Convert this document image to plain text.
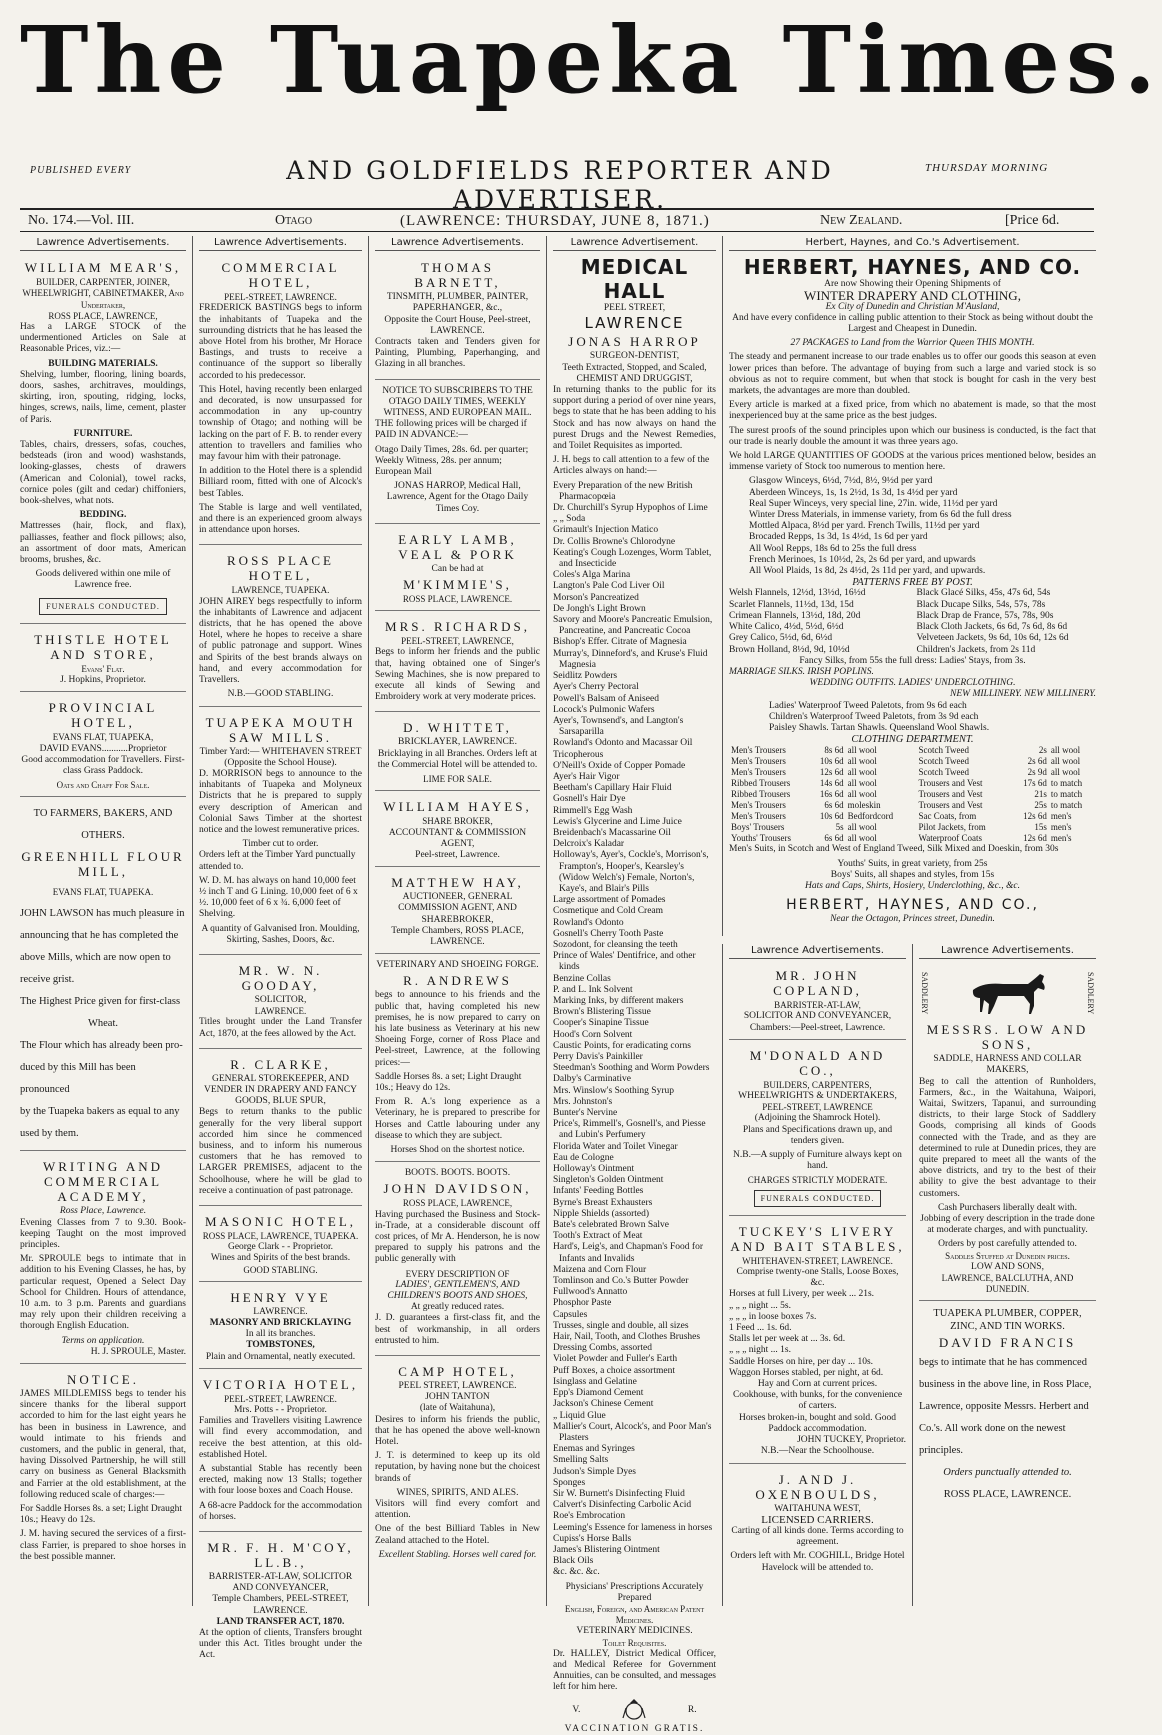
The Tuapeka Times.
PUBLISHED EVERY	AND GOLDFIELDS REPORTER AND ADVERTISER.
THURSDAY MORNING
No. 174.—Vol. III.	Otago	(LAWRENCE: THURSDAY, JUNE 8, 1871.)	New Zealand.	[Price 6d.
Lawrence Advertisements.
WILLIAM MEAR'S,
BUILDER, CARPENTER, JOINER, WHEELWRIGHT, CABINETMAKER, And Undertaker,
ROSS PLACE, LAWRENCE,

Has a LARGE STOCK of the undermentioned Articles on Sale at Reasonable Prices, viz.:—

BUILDING MATERIALS.

Shelving, lumber, flooring, lining boards, doors, sashes, architraves, mouldings, skirting, iron, spouting, ridging, locks, hinges, screws, nails, lime, cement, plaster of Paris.

FURNITURE.

Tables, chairs, dressers, sofas, couches, bedsteads (iron and wood) washstands, looking-glasses, chests of drawers (American and Colonial), towel racks, cornice poles (gilt and cedar) chiffoniers, book-shelves, what nots.

BEDDING.

Mattresses (hair, flock, and flax), palliasses, feather and flock pillows; also, an assortment of door mats, American brooms, brushes, &c.

Goods delivered within one mile of Lawrence free.

FUNERALS CONDUCTED.
THISTLE HOTEL AND STORE,
Evans' Flat.
J. Hopkins, Proprietor.
PROVINCIAL HOTEL,
EVANS FLAT, TUAPEKA,
DAVID EVANS...........Proprietor

Good accommodation for Travellers. First-class Grass Paddock.

Oats and Chaff For Sale.
TO FARMERS, BAKERS, AND OTHERS.
GREENHILL FLOUR MILL,
EVANS FLAT, TUAPEKA.
JOHN LAWSON has much pleasure in
announcing that he has completed the
above Mills, which are now open to
receive grist.
The Highest Price given for first-class
Wheat.
The Flour which has already been pro-
duced by this Mill has been pronounced
by the Tuapeka bakers as equal to any
used by them.
WRITING AND COMMERCIAL ACADEMY,
Ross Place, Lawrence.

Evening Classes from 7 to 9.30. Book-keeping Taught on the most improved principles.

Mr. SPROULE begs to intimate that in addition to his Evening Classes, he has, by particular request, Opened a Select Day School for Children. Hours of attendance, 10 a.m. to 3 p.m. Parents and guardians may rely upon their children receiving a thorough English Education.

Terms on application.
H. J. SPROULE, Master.
NOTICE.

JAMES MILDLEMISS begs to tender his sincere thanks for the liberal support accorded to him for the last eight years he has been in business in Lawrence, and would intimate to his friends and customers, and the public in general, that, having Dissolved Partnership, he will still carry on business as General Blacksmith and Farrier at the old establishment, at the following reduced scale of charges:—

For Saddle Horses 8s. a set; Light Draught 10s.; Heavy do 12s.

J. M. having secured the services of a first-class Farrier, is prepared to shoe horses in the best possible manner.

Lawrence Advertisements.
COMMERCIAL HOTEL,
PEEL-STREET, LAWRENCE.

FREDERICK BASTINGS begs to inform the inhabitants of Tuapeka and the surrounding districts that he has leased the above Hotel from his brother, Mr Horace Bastings, and trusts to receive a continuance of the support so liberally accorded to his predecessor.

This Hotel, having recently been enlarged and decorated, is now unsurpassed for accommodation in any up-country township of Otago; and nothing will be lacking on the part of F. B. to render every attention to travellers and families who may favour him with their patronage.

In addition to the Hotel there is a splendid Billiard room, fitted with one of Alcock's best Tables.

The Stable is large and well ventilated, and there is an experienced groom always in attendance upon horses.

ROSS PLACE HOTEL,
LAWRENCE, TUAPEKA.

JOHN AIREY begs respectfully to inform the inhabitants of Lawrence and adjacent districts, that he has opened the above Hotel, where he hopes to receive a share of public patronage and support. Wines and Spirits of the best brands always on hand, and every accommodation for Travellers.

N.B.—GOOD STABLING.
TUAPEKA MOUTH SAW MILLS.
Timber Yard:— WHITEHAVEN STREET
(Opposite the School House).

D. MORRISON begs to announce to the inhabitants of Tuapeka and Molyneux Districts that he is prepared to supply every description of American and Colonial Saws Timber at the shortest notice and the lowest remunerative prices.

Timber cut to order.

Orders left at the Timber Yard punctually attended to.

W. D. M. has always on hand 10,000 feet ½ inch T and G Lining. 10,000 feet of 6 x ½. 10,000 feet of 6 x ¾. 6,000 feet of Shelving.

A quantity of Galvanised Iron. Moulding, Skirting, Sashes, Doors, &c.

MR. W. N. GOODAY,
SOLICITOR,
LAWRENCE.

Titles brought under the Land Transfer Act, 1870, at the fees allowed by the Act.

R. CLARKE,
GENERAL STOREKEEPER, AND VENDER IN DRAPERY AND FANCY GOODS, BLUE SPUR,

Begs to return thanks to the public generally for the very liberal support accorded him since he commenced business, and to inform his numerous customers that he has removed to LARGER PREMISES, adjacent to the Schoolhouse, where he will be glad to receive a continuation of past patronage.

MASONIC HOTEL,
ROSS PLACE, LAWRENCE, TUAPEKA.
George Clark - - Proprietor.
Wines and Spirits of the best brands.
GOOD STABLING.
HENRY VYE
LAWRENCE.
MASONRY AND BRICKLAYING
In all its branches.
TOMBSTONES,
Plain and Ornamental, neatly executed.
VICTORIA HOTEL,
PEEL-STREET, LAWRENCE.
Mrs. Potts - - Proprietor.

Families and Travellers visiting Lawrence will find every accommodation, and receive the best attention, at this old-established Hotel.

A substantial Stable has recently been erected, making now 13 Stalls; together with four loose boxes and Coach House.

A 68-acre Paddock for the accommodation of horses.

MR. F. H. M'COY, LL.B.,
BARRISTER-AT-LAW, SOLICITOR AND CONVEYANCER,
Temple Chambers, PEEL-STREET, LAWRENCE.
LAND TRANSFER ACT, 1870.

At the option of clients, Transfers brought under this Act. Titles brought under the Act.

Lawrence Advertisements.
THOMAS BARNETT,
TINSMITH, PLUMBER, PAINTER, PAPERHANGER, &c.,
Opposite the Court House, Peel-street, LAWRENCE.

Contracts taken and Tenders given for Painting, Plumbing, Paperhanging, and Glazing in all branches.

NOTICE TO SUBSCRIBERS TO THE OTAGO DAILY TIMES, WEEKLY WITNESS, AND EUROPEAN MAIL.

THE following prices will be charged if PAID IN ADVANCE:—

Otago Daily Times, 28s. 6d. per quarter; Weekly Witness, 28s. per annum; European Mail

JONAS HARROP, Medical Hall, Lawrence, Agent for the Otago Daily Times Coy.

EARLY LAMB, VEAL & PORK
Can be had at
M'KIMMIE'S,
ROSS PLACE, LAWRENCE.
MRS. RICHARDS,
PEEL-STREET, LAWRENCE,

Begs to inform her friends and the public that, having obtained one of Singer's Sewing Machines, she is now prepared to execute all kinds of Sewing and Embroidery work at very moderate prices.

D. WHITTET,
BRICKLAYER, LAWRENCE.

Bricklaying in all Branches. Orders left at the Commercial Hotel will be attended to.

LIME FOR SALE.
WILLIAM HAYES,
SHARE BROKER,
ACCOUNTANT & COMMISSION AGENT,
Peel-street, Lawrence.
MATTHEW HAY,
AUCTIONEER, GENERAL COMMISSION AGENT, AND SHAREBROKER,
Temple Chambers, ROSS PLACE, LAWRENCE.
VETERINARY AND SHOEING FORGE.
R. ANDREWS

begs to announce to his friends and the public that, having completed his new premises, he is now prepared to carry on his late business as Veterinary at his new Shoeing Forge, corner of Ross Place and Peel-street, Lawrence, at the following prices:—

Saddle Horses 8s. a set; Light Draught 10s.; Heavy do 12s.

From R. A.'s long experience as a Veterinary, he is prepared to prescribe for Horses and Cattle labouring under any disease to which they are subject.

Horses Shod on the shortest notice.
BOOTS. BOOTS. BOOTS.
JOHN DAVIDSON,
ROSS PLACE, LAWRENCE,

Having purchased the Business and Stock-in-Trade, at a considerable discount off cost prices, of Mr A. Henderson, he is now prepared to supply his patrons and the public generally with

EVERY DESCRIPTION OF
LADIES', GENTLEMEN'S, AND CHILDREN'S BOOTS AND SHOES,
At greatly reduced rates.

J. D. guarantees a first-class fit, and the best of workmanship, in all orders entrusted to him.

CAMP HOTEL,
PEEL STREET, LAWRENCE.
JOHN TANTON
(late of Waitahuna),

Desires to inform his friends the public, that he has opened the above well-known Hotel.

J. T. is determined to keep up its old reputation, by having none but the choicest brands of

WINES, SPIRITS, AND ALES.

Visitors will find every comfort and attention.

One of the best Billiard Tables in New Zealand attached to the Hotel.

Excellent Stabling. Horses well cared for.
Lawrence Advertisement.
MEDICAL HALL
PEEL STREET,
LAWRENCE
JONAS HARROP
SURGEON-DENTIST,
Teeth Extracted, Stopped, and Scaled,
CHEMIST AND DRUGGIST,

In returning thanks to the public for its support during a period of over nine years, begs to state that he has been adding to his Stock and has now always on hand the purest Drugs and the Newest Remedies, and Toilet Requisites as imported.

J. H. begs to call attention to a few of the Articles always on hand:—

Every Preparation of the new British Pharmacopœia

Dr. Churchill's Syrup Hypophos of Lime

„ „ Soda

Grimault's Injection Matico

Dr. Collis Browne's Chlorodyne

Keating's Cough Lozenges, Worm Tablet, and Insecticide

Coles's Alga Marina

Langton's Pale Cod Liver Oil

Morson's Pancreatized

De Jongh's Light Brown

Savory and Moore's Pancreatic Emulsion, Pancreatine, and Pancreatic Cocoa

Bishop's Effer. Citrate of Magnesia

Murray's, Dinneford's, and Kruse's Fluid Magnesia

Seidlitz Powders

Ayer's Cherry Pectoral

Powell's Balsam of Aniseed

Locock's Pulmonic Wafers

Ayer's, Townsend's, and Langton's Sarsaparilla

Rowland's Odonto and Macassar Oil

Tricopherous

O'Neill's Oxide of Copper Pomade

Ayer's Hair Vigor

Beetham's Capillary Hair Fluid

Gosnell's Hair Dye

Rimmell's Egg Wash

Lewis's Glycerine and Lime Juice

Breidenbach's Macassarine Oil

Delcroix's Kaladar

Holloway's, Ayer's, Cockle's, Morrison's, Frampton's, Hooper's, Kearsley's (Widow Welch's) Female, Norton's, Kaye's, and Blair's Pills

Large assortment of Pomades

Cosmetique and Cold Cream

Rowland's Odonto

Gosnell's Cherry Tooth Paste

Sozodont, for cleansing the teeth

Prince of Wales' Dentifrice, and other kinds

Benzine Collas

P. and L. Ink Solvent

Marking Inks, by different makers

Brown's Blistering Tissue

Cooper's Sinapine Tissue

Hood's Corn Solvent

Caustic Points, for eradicating corns

Perry Davis's Painkiller

Steedman's Soothing and Worm Powders

Dalby's Carminative

Mrs. Winslow's Soothing Syrup

Mrs. Johnston's

Bunter's Nervine

Price's, Rimmell's, Gosnell's, and Piesse and Lubin's Perfumery

Florida Water and Toilet Vinegar

Eau de Cologne

Holloway's Ointment

Singleton's Golden Ointment

Infants' Feeding Bottles

Byrne's Breast Exhausters

Nipple Shields (assorted)

Bate's celebrated Brown Salve

Tooth's Extract of Meat

Hard's, Leig's, and Chapman's Food for Infants and Invalids

Maizena and Corn Flour

Tomlinson and Co.'s Butter Powder

Fullwood's Annatto

Phosphor Paste

Capsules

Trusses, single and double, all sizes

Hair, Nail, Tooth, and Clothes Brushes

Dressing Combs, assorted

Violet Powder and Fuller's Earth

Puff Boxes, a choice assortment

Isinglass and Gelatine

Epp's Diamond Cement

Jackson's Chinese Cement

„ Liquid Glue

Mallier's Court, Alcock's, and Poor Man's Plasters

Enemas and Syringes

Smelling Salts

Judson's Simple Dyes

Sponges

Sir W. Burnett's Disinfecting Fluid

Calvert's Disinfecting Carbolic Acid

Roe's Embrocation

Leeming's Essence for lameness in horses

Cupiss's Horse Balls

James's Blistering Ointment

Black Oils

&c. &c. &c.

Physicians' Prescriptions Accurately Prepared
English, Foreign, and American Patent Medicines.
VETERINARY MEDICINES.
Toilet Requisites.

Dr. HALLEY, District Medical Officer, and Medical Referee for Government Annuities, can be consulted, and messages left for him here.

V.	R.
VACCINATION GRATIS.
Herbert, Haynes, and Co.'s Advertisement.
HERBERT, HAYNES, AND CO.
Are now Showing their Opening Shipments of
WINTER DRAPERY AND CLOTHING,
Ex City of Dunedin and Christian M'Ausland,

And have every confidence in calling public attention to their Stock as being without doubt the Largest and Cheapest in Dunedin.

27 PACKAGES to Land from the Warrior Queen THIS MONTH.

The steady and permanent increase to our trade enables us to offer our goods this season at even lower prices than before. The advantage of buying from such a large and varied stock is so obvious as not to require comment, but when that stock is bought for cash in the very best markets, the advantages are more than doubled.

Every article is marked at a fixed price, from which no abatement is made, so that the most inexperienced buy at the same price as the best judges.

The surest proofs of the sound principles upon which our business is conducted, is the fact that our trade is nearly double the amount it was three years ago.

We hold LARGE QUANTITIES OF GOODS at the various prices mentioned below, besides an immense variety of Stock too numerous to mention here.

Glasgow Winceys, 6½d, 7½d, 8½, 9½d per yard

Aberdeen Winceys, 1s, 1s 2½d, 1s 3d, 1s 4½d per yard

Real Super Winceys, very special line, 27in. wide, 11½d per yard

Winter Dress Materials, in immense variety, from 6s 6d the full dress

Mottled Alpaca, 8½d per yard. French Twills, 11½d per yard

Brocaded Repps, 1s 3d, 1s 4½d, 1s 6d per yard

All Wool Repps, 18s 6d to 25s the full dress

French Merinoes, 1s 10½d, 2s, 2s 6d per yard, and upwards

All Wool Plaids, 1s 8d, 2s 4½d, 2s 11d per yard, and upwards.

PATTERNS FREE BY POST.

Welsh Flannels, 12½d, 13½d, 16½d

Scarlet Flannels, 11½d, 13d, 15d

Crimean Flannels, 13½d, 18d, 20d

White Calico, 4½d, 5½d, 6½d

Grey Calico, 5½d, 6d, 6½d

Brown Holland, 8½d, 9d, 10½d

Black Glacé Silks, 45s, 47s 6d, 54s

Black Ducape Silks, 54s, 57s, 78s

Black Drap de France, 57s, 78s, 90s

Black Cloth Jackets, 6s 6d, 7s 6d, 8s 6d

Velveteen Jackets, 9s 6d, 10s 6d, 12s 6d

Children's Jackets, from 2s 11d

Fancy Silks, from 55s the full dress: Ladies' Stays, from 3s.
MARRIAGE SILKS. IRISH POPLINS.
WEDDING OUTFITS. LADIES' UNDERCLOTHING.
NEW MILLINERY. NEW MILLINERY.

Ladies' Waterproof Tweed Paletots, from 9s 6d each

Children's Waterproof Tweed Paletots, from 3s 9d each

Paisley Shawls. Tartan Shawls. Queensland Wool Shawls.

CLOTHING DEPARTMENT.
Men's Trousers	8s 6d	all wool
Men's Trousers	10s 6d	all wool
Men's Trousers	12s 6d	all wool
Ribbed Trousers	14s 6d	all wool
Ribbed Trousers	16s 6d	all wool
Men's Trousers	6s 6d	moleskin
Men's Trousers	10s 6d	Bedfordcord
Boys' Trousers	5s	all wool
Youths' Trousers	6s 6d	all wool
Scotch Tweed	2s	all wool
Scotch Tweed	2s 6d	all wool
Scotch Tweed	2s 9d	all wool
Trousers and Vest	17s 6d	to match
Trousers and Vest	21s	to match
Trousers and Vest	25s	to match
Sac Coats, from	12s 6d	men's
Pilot Jackets, from	15s	men's
Waterproof Coats	12s 6d	men's

Men's Suits, in Scotch and West of England Tweed, Silk Mixed and Doeskin, from 30s

Youths' Suits, in great variety, from 25s
Boys' Suits, all shapes and styles, from 15s
Hats and Caps, Shirts, Hosiery, Underclothing, &c., &c.
HERBERT, HAYNES, AND CO.,
Near the Octagon, Princes street, Dunedin.
Lawrence Advertisements.
MR. JOHN COPLAND,
BARRISTER-AT-LAW,
SOLICITOR AND CONVEYANCER,
Chambers:—Peel-street, Lawrence.
M'DONALD AND CO.,
BUILDERS, CARPENTERS,
WHEELWRIGHTS & UNDERTAKERS,
PEEL-STREET, LAWRENCE
(Adjoining the Shamrock Hotel).

Plans and Specifications drawn up, and tenders given.

N.B.—A supply of Furniture always kept on hand.

CHARGES STRICTLY MODERATE.
FUNERALS CONDUCTED.
TUCKEY'S LIVERY AND BAIT STABLES,
WHITEHAVEN-STREET, LAWRENCE.
Comprise twenty-one Stalls, Loose Boxes, &c.

Horses at full Livery, per week ... 21s.

„ „ „ night ... 5s.

„ „ „ in loose boxes 7s.

1 Feed ... 1s. 6d.

Stalls let per week at ... 3s. 6d.

„ „ „ night ... 1s.

Saddle Horses on hire, per day ... 10s.

Waggon Horses stabled, per night, at 6d.

Hay and Corn at current prices.
Cookhouse, with bunks, for the convenience of carters.
Horses broken-in, bought and sold. Good Paddock accommodation.
JOHN TUCKEY, Proprietor.
N.B.—Near the Schoolhouse.
J. AND J. OXENBOULDS,
WAITAHUNA WEST,
LICENSED CARRIERS.

Carting of all kinds done. Terms according to agreement.

Orders left with Mr. COGHILL, Bridge Hotel Havelock will be attended to.

Lawrence Advertisements.
SADDLERY	SADDLERY
MESSRS. LOW AND SONS,
SADDLE, HARNESS AND COLLAR MAKERS,

Beg to call the attention of Runholders, Farmers, &c., in the Waitahuna, Waipori, Waitai, Switzers, Tapanui, and surrounding districts, to their large Stock of Saddlery Goods, comprising all kinds of Goods connected with the Trade, and as they are determined to rule at Dunedin prices, they are quite prepared to meet all the wants of the above districts, and try to the best of their ability to give the best advantage to their customers.

Cash Purchasers liberally dealt with.

Jobbing of every description in the trade done at moderate charges, and with punctuality.

Orders by post carefully attended to.
Saddles Stuffed at Dunedin prices.
LOW AND SONS,
LAWRENCE, BALCLUTHA, AND DUNEDIN.
TUAPEKA PLUMBER, COPPER, ZINC, AND TIN WORKS.
DAVID FRANCIS
begs to intimate that he has commenced
business in the above line, in Ross Place,
Lawrence, opposite Messrs. Herbert and
Co.'s. All work done on the newest
principles.
Orders punctually attended to.
ROSS PLACE, LAWRENCE.
